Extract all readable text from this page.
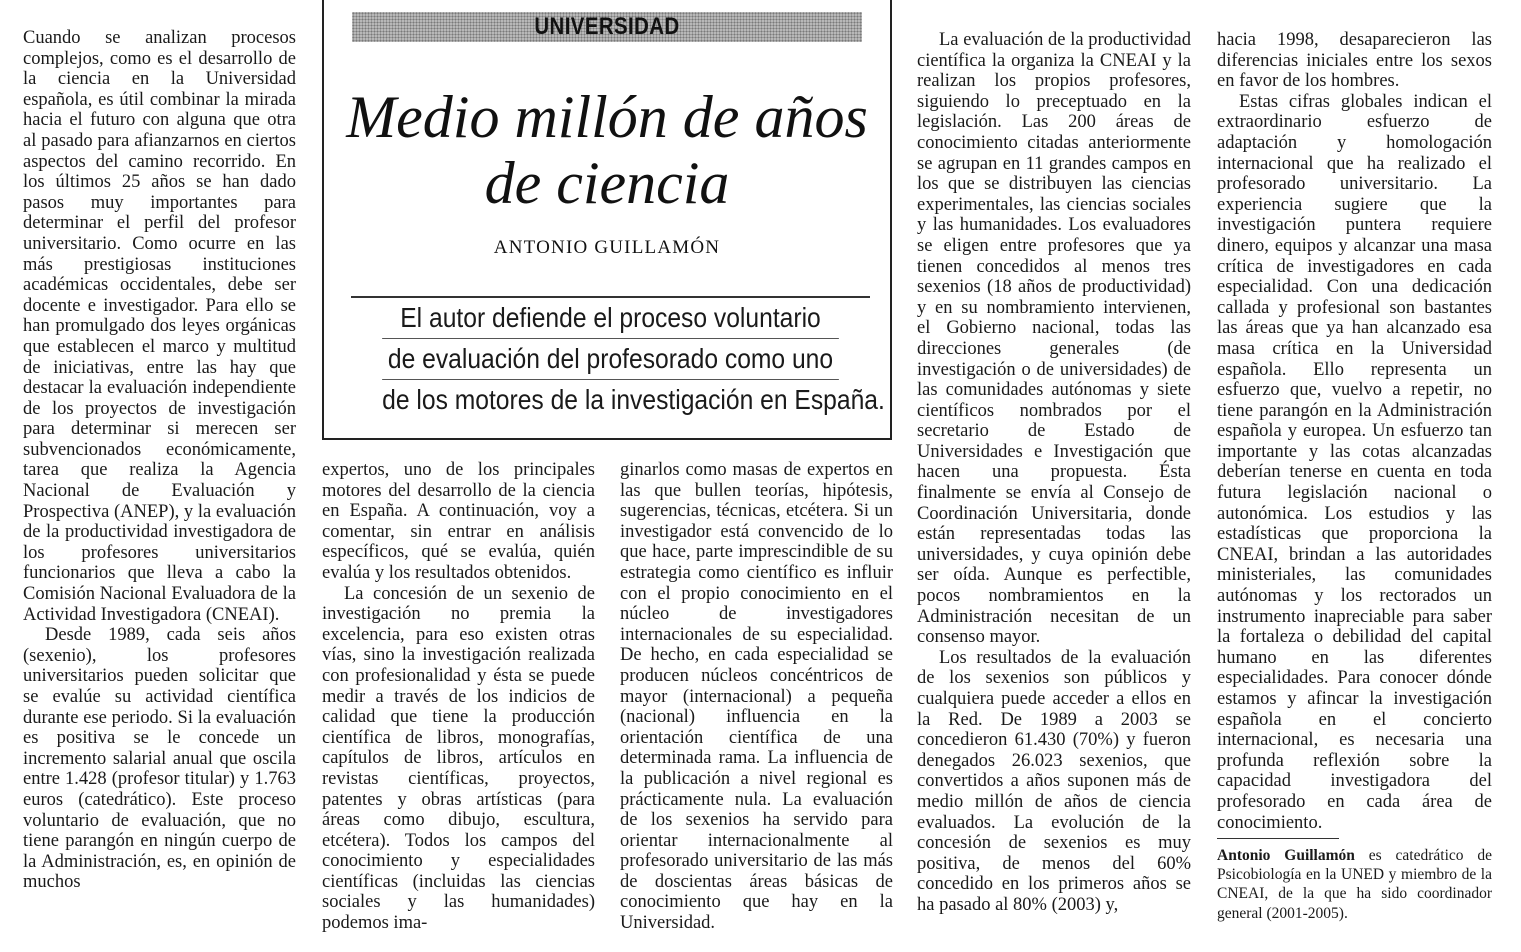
Cuando se analizan procesos complejos, como es el desarrollo de la ciencia en la Universidad española, es útil combinar la mirada hacia el futuro con alguna que otra al pasado para afianzarnos en ciertos aspectos del camino recorrido. En los últimos 25 años se han dado pasos muy importantes para determinar el perfil del profesor universitario. Como ocurre en las más prestigiosas instituciones académicas occidentales, debe ser docente e investigador. Para ello se han promulgado dos leyes orgánicas que establecen el marco y multitud de iniciativas, entre las hay que destacar la evaluación independiente de los proyectos de investigación para determinar si merecen ser subvencionados económicamente, tarea que realiza la Agencia Nacional de Evaluación y Prospectiva (ANEP), y la evaluación de la productividad investigadora de los profesores universitarios funcionarios que lleva a cabo la Comisión Nacional Evaluadora de la Actividad Investigadora (CNEAI).

Desde 1989, cada seis años (sexenio), los profesores universitarios pueden solicitar que se evalúe su actividad científica durante ese periodo. Si la evaluación es positiva se le concede un incremento salarial anual que oscila entre 1.428 (profesor titular) y 1.763 euros (catedrático). Este proceso voluntario de evaluación, que no tiene parangón en ningún cuerpo de la Administración, es, en opinión de muchos

UNIVERSIDAD
Medio millón de años de ciencia
ANTONIO GUILLAMÓN
El autor defiende el proceso voluntario
de evaluación del profesorado como uno
de los motores de la investigación en España.

expertos, uno de los principales motores del desarrollo de la ciencia en España. A continuación, voy a comentar, sin entrar en análisis específicos, qué se evalúa, quién evalúa y los resultados obtenidos.

La concesión de un sexenio de investigación no premia la excelencia, para eso existen otras vías, sino la investigación realizada con profesionalidad y ésta se puede medir a través de los indicios de calidad que tiene la producción científica de libros, monografías, capítulos de libros, artículos en revistas científicas, proyectos, patentes y obras artísticas (para áreas como dibujo, escultura, etcétera). Todos los campos del conocimiento y especialidades científicas (incluidas las ciencias sociales y las humanidades) podemos ima-

ginarlos como masas de expertos en las que bullen teorías, hipótesis, sugerencias, técnicas, etcétera. Si un investigador está convencido de lo que hace, parte imprescindible de su estrategia como científico es influir con el propio conocimiento en el núcleo de investigadores internacionales de su especialidad. De hecho, en cada especialidad se producen núcleos concéntricos de mayor (internacional) a pequeña (nacional) influencia en la orientación científica de una determinada rama. La influencia de la publicación a nivel regional es prácticamente nula. La evaluación de los sexenios ha servido para orientar internacionalmente al profesorado universitario de las más de doscientas áreas básicas de conocimiento que hay en la Universidad.

La evaluación de la productividad científica la organiza la CNEAI y la realizan los propios profesores, siguiendo lo preceptuado en la legislación. Las 200 áreas de conocimiento citadas anteriormente se agrupan en 11 grandes campos en los que se distribuyen las ciencias experimentales, las ciencias sociales y las humanidades. Los evaluadores se eligen entre profesores que ya tienen concedidos al menos tres sexenios (18 años de productividad) y en su nombramiento intervienen, el Gobierno nacional, todas las direcciones generales (de investigación o de universidades) de las comunidades autónomas y siete científicos nombrados por el secretario de Estado de Universidades e Investigación que hacen una propuesta. Ésta finalmente se envía al Consejo de Coordinación Universitaria, donde están representadas todas las universidades, y cuya opinión debe ser oída. Aunque es perfectible, pocos nombramientos en la Administración necesitan de un consenso mayor.

Los resultados de la evaluación de los sexenios son públicos y cualquiera puede acceder a ellos en la Red. De 1989 a 2003 se concedieron 61.430 (70%) y fueron denegados 26.023 sexenios, que convertidos a años suponen más de medio millón de años de ciencia evaluados. La evolución de la concesión de sexenios es muy positiva, de menos del 60% concedido en los primeros años se ha pasado al 80% (2003) y,

hacia 1998, desaparecieron las diferencias iniciales entre los sexos en favor de los hombres.

Estas cifras globales indican el extraordinario esfuerzo de adaptación y homologación internacional que ha realizado el profesorado universitario. La experiencia sugiere que la investigación puntera requiere dinero, equipos y alcanzar una masa crítica de investigadores en cada especialidad. Con una dedicación callada y profesional son bastantes las áreas que ya han alcanzado esa masa crítica en la Universidad española. Ello representa un esfuerzo que, vuelvo a repetir, no tiene parangón en la Administración española y europea. Un esfuerzo tan importante y las cotas alcanzadas deberían tenerse en cuenta en toda futura legislación nacional o autonómica. Los estudios y las estadísticas que proporciona la CNEAI, brindan a las autoridades ministeriales, las comunidades autónomas y los rectorados un instrumento inapreciable para saber la fortaleza o debilidad del capital humano en las diferentes especialidades. Para conocer dónde estamos y afincar la investigación española en el concierto internacional, es necesaria una profunda reflexión sobre la capacidad investigadora del profesorado en cada área de conocimiento.

Antonio Guillamón es catedrático de Psicobiología en la UNED y miembro de la CNEAI, de la que ha sido coordinador general (2001-2005).
